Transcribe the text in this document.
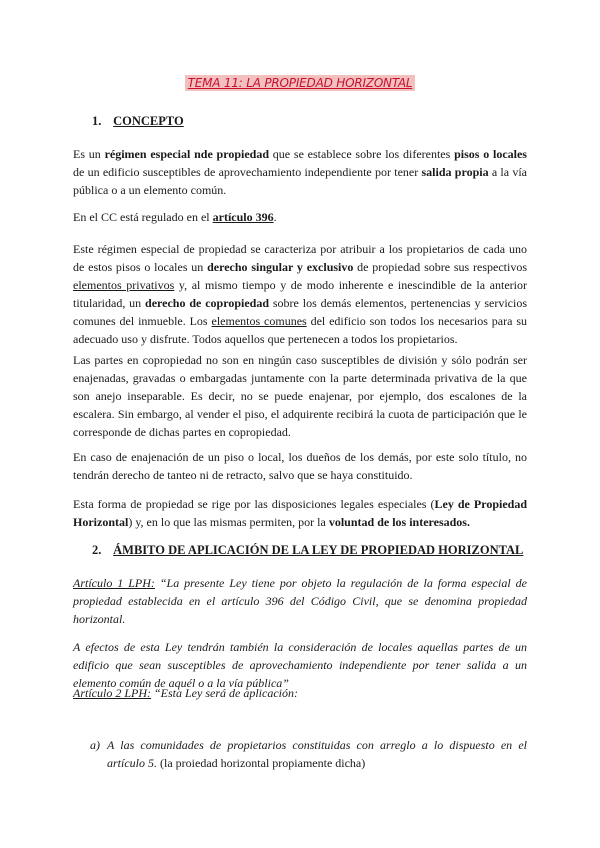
TEMA 11: LA PROPIEDAD HORIZONTAL
1. CONCEPTO

Es un régimen especial nde propiedad que se establece sobre los diferentes pisos o locales de un edificio susceptibles de aprovechamiento independiente por tener salida propia a la vía pública o a un elemento común.

En el CC está regulado en el artículo 396.

Este régimen especial de propiedad se caracteriza por atribuir a los propietarios de cada uno de estos pisos o locales un derecho singular y exclusivo de propiedad sobre sus respectivos elementos privativos y, al mismo tiempo y de modo inherente e inescindible de la anterior titularidad, un derecho de copropiedad sobre los demás elementos, pertenencias y servicios comunes del inmueble. Los elementos comunes del edificio son todos los necesarios para su adecuado uso y disfrute. Todos aquellos que pertenecen a todos los propietarios.

Las partes en copropiedad no son en ningún caso susceptibles de división y sólo podrán ser enajenadas, gravadas o embargadas juntamente con la parte determinada privativa de la que son anejo inseparable. Es decir, no se puede enajenar, por ejemplo, dos escalones de la escalera. Sin embargo, al vender el piso, el adquirente recibirá la cuota de participación que le corresponde de dichas partes en copropiedad.

En caso de enajenación de un piso o local, los dueños de los demás, por este solo título, no tendrán derecho de tanteo ni de retracto, salvo que se haya constituido.

Esta forma de propiedad se rige por las disposiciones legales especiales (Ley de Propiedad Horizontal) y, en lo que las mismas permiten, por la voluntad de los interesados.

2. ÁMBITO DE APLICACIÓN DE LA LEY DE PROPIEDAD HORIZONTAL

Artículo 1 LPH: “La presente Ley tiene por objeto la regulación de la forma especial de propiedad establecida en el artículo 396 del Código Civil, que se denomina propiedad horizontal.

A efectos de esta Ley tendrán también la consideración de locales aquellas partes de un edificio que sean susceptibles de aprovechamiento independiente por tener salida a un elemento común de aquél o a la vía pública”

Artículo 2 LPH: “Esta Ley será de aplicación:

a) A las comunidades de propietarios constituidas con arreglo a lo dispuesto en el artículo 5. (la proiedad horizontal propiamente dicha)
